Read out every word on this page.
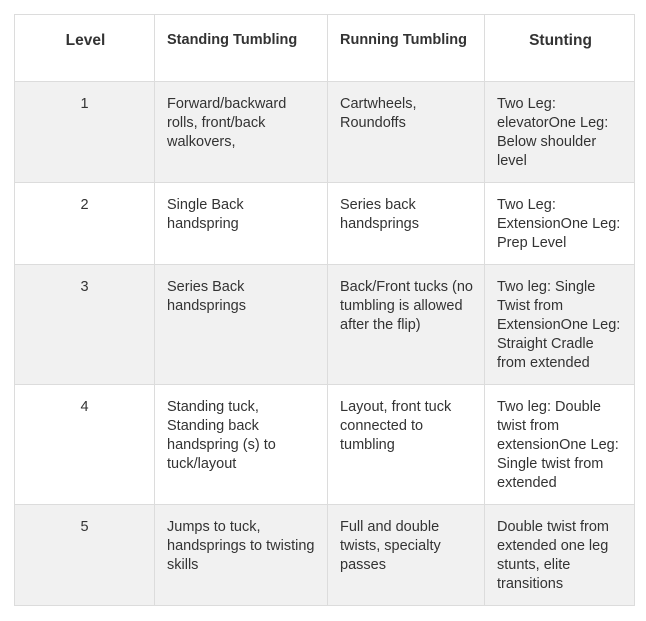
Level	Standing Tumbling	Running Tumbling	Stunting
1	Forward/backward rolls, front/back walkovers,	Cartwheels, Roundoffs	Two Leg: elevatorOne Leg: Below shoulder level
2	Single Back handspring	Series back handsprings	Two Leg: ExtensionOne Leg: Prep Level
3	Series Back handsprings	Back/Front tucks (no tumbling is allowed after the flip)	Two leg: Single Twist from ExtensionOne Leg: Straight Cradle from extended
4	Standing tuck, Standing back handspring (s) to tuck/layout	Layout, front tuck connected to tumbling	Two leg: Double twist from extensionOne Leg: Single twist from extended
5	Jumps to tuck, handsprings to twisting skills	Full and double twists, specialty passes	Double twist from extended one leg stunts, elite transitions
